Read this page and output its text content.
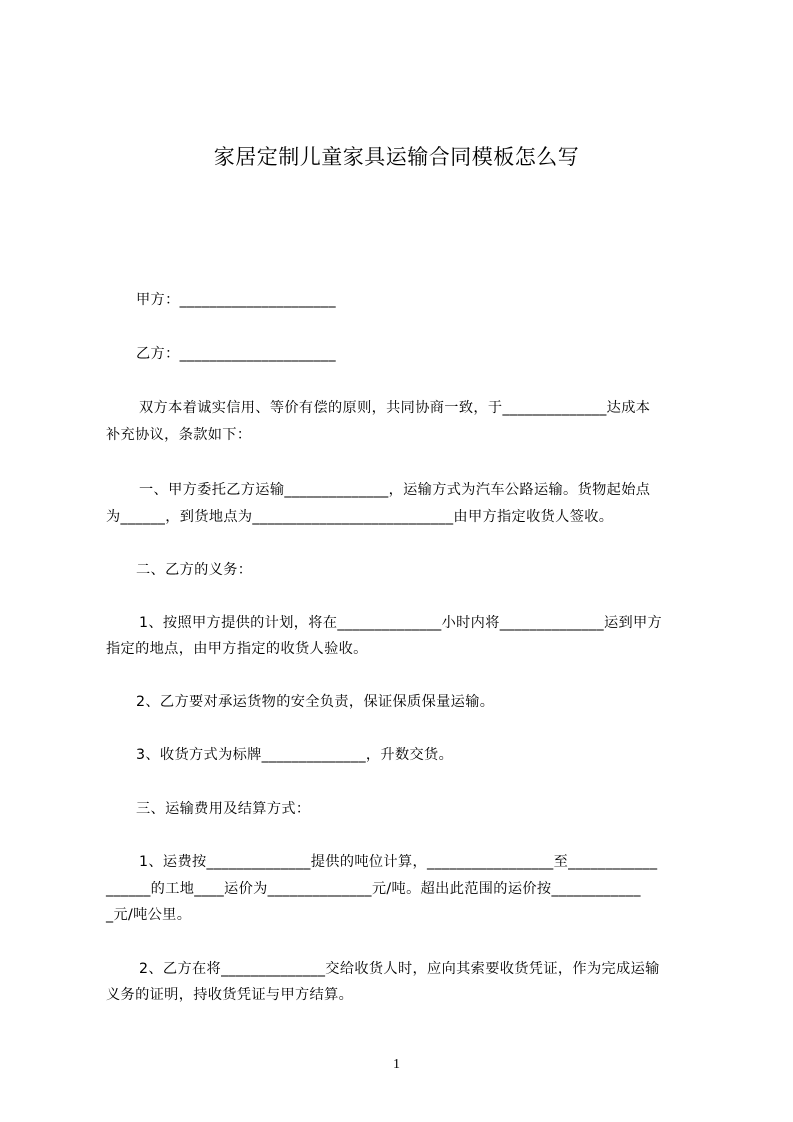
家居定制儿童家具运输合同模板怎么写
甲方：_____________________
乙方：_____________________
双方本着诚实信用、等价有偿的原则，共同协商一致，于______________达成本
补充协议，条款如下：
一、甲方委托乙方运输______________，运输方式为汽车公路运输。货物起始点
为______，到货地点为___________________________由甲方指定收货人签收。
二、乙方的义务：
1、按照甲方提供的计划，将在______________小时内将______________运到甲方
指定的地点，由甲方指定的收货人验收。
2、乙方要对承运货物的安全负责，保证保质保量运输。
3、收货方式为标牌______________，升数交货。
三、运输费用及结算方式：
1、运费按______________提供的吨位计算，_________________至____________
______的工地____运价为______________元/吨。超出此范围的运价按____________
_元/吨公里。
2、乙方在将______________交给收货人时，应向其索要收货凭证，作为完成运输
义务的证明，持收货凭证与甲方结算。
1
